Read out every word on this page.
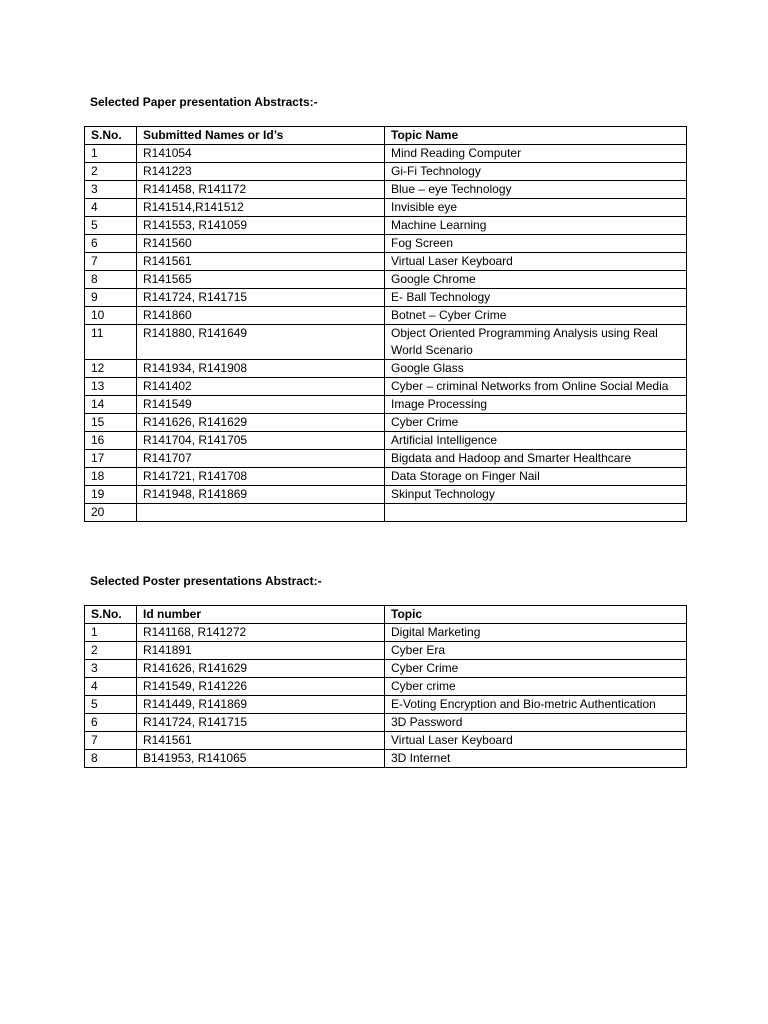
Selected Paper presentation Abstracts:-
S.No.	Submitted Names or Id’s	Topic Name
1	R141054	Mind Reading Computer
2	R141223	Gi-Fi Technology
3	R141458, R141172	Blue – eye Technology
4	R141514,R141512	Invisible eye
5	R141553, R141059	Machine Learning
6	R141560	Fog Screen
7	R141561	Virtual Laser Keyboard
8	R141565	Google Chrome
9	R141724, R141715	E- Ball Technology
10	R141860	Botnet – Cyber Crime
11	R141880, R141649	Object Oriented Programming Analysis using Real World Scenario
12	R141934, R141908	Google Glass
13	R141402	Cyber – criminal Networks from Online Social Media
14	R141549	Image Processing
15	R141626, R141629	Cyber Crime
16	R141704, R141705	Artificial Intelligence
17	R141707	Bigdata and Hadoop and Smarter Healthcare
18	R141721, R141708	Data Storage on Finger Nail
19	R141948, R141869	Skinput Technology
20		
Selected Poster presentations Abstract:-
S.No.	Id number	Topic
1	R141168, R141272	Digital Marketing
2	R141891	Cyber Era
3	R141626, R141629	Cyber Crime
4	R141549, R141226	Cyber crime
5	R141449, R141869	E-Voting Encryption and Bio-metric Authentication
6	R141724, R141715	3D Password
7	R141561	Virtual Laser Keyboard
8	B141953, R141065	3D Internet
